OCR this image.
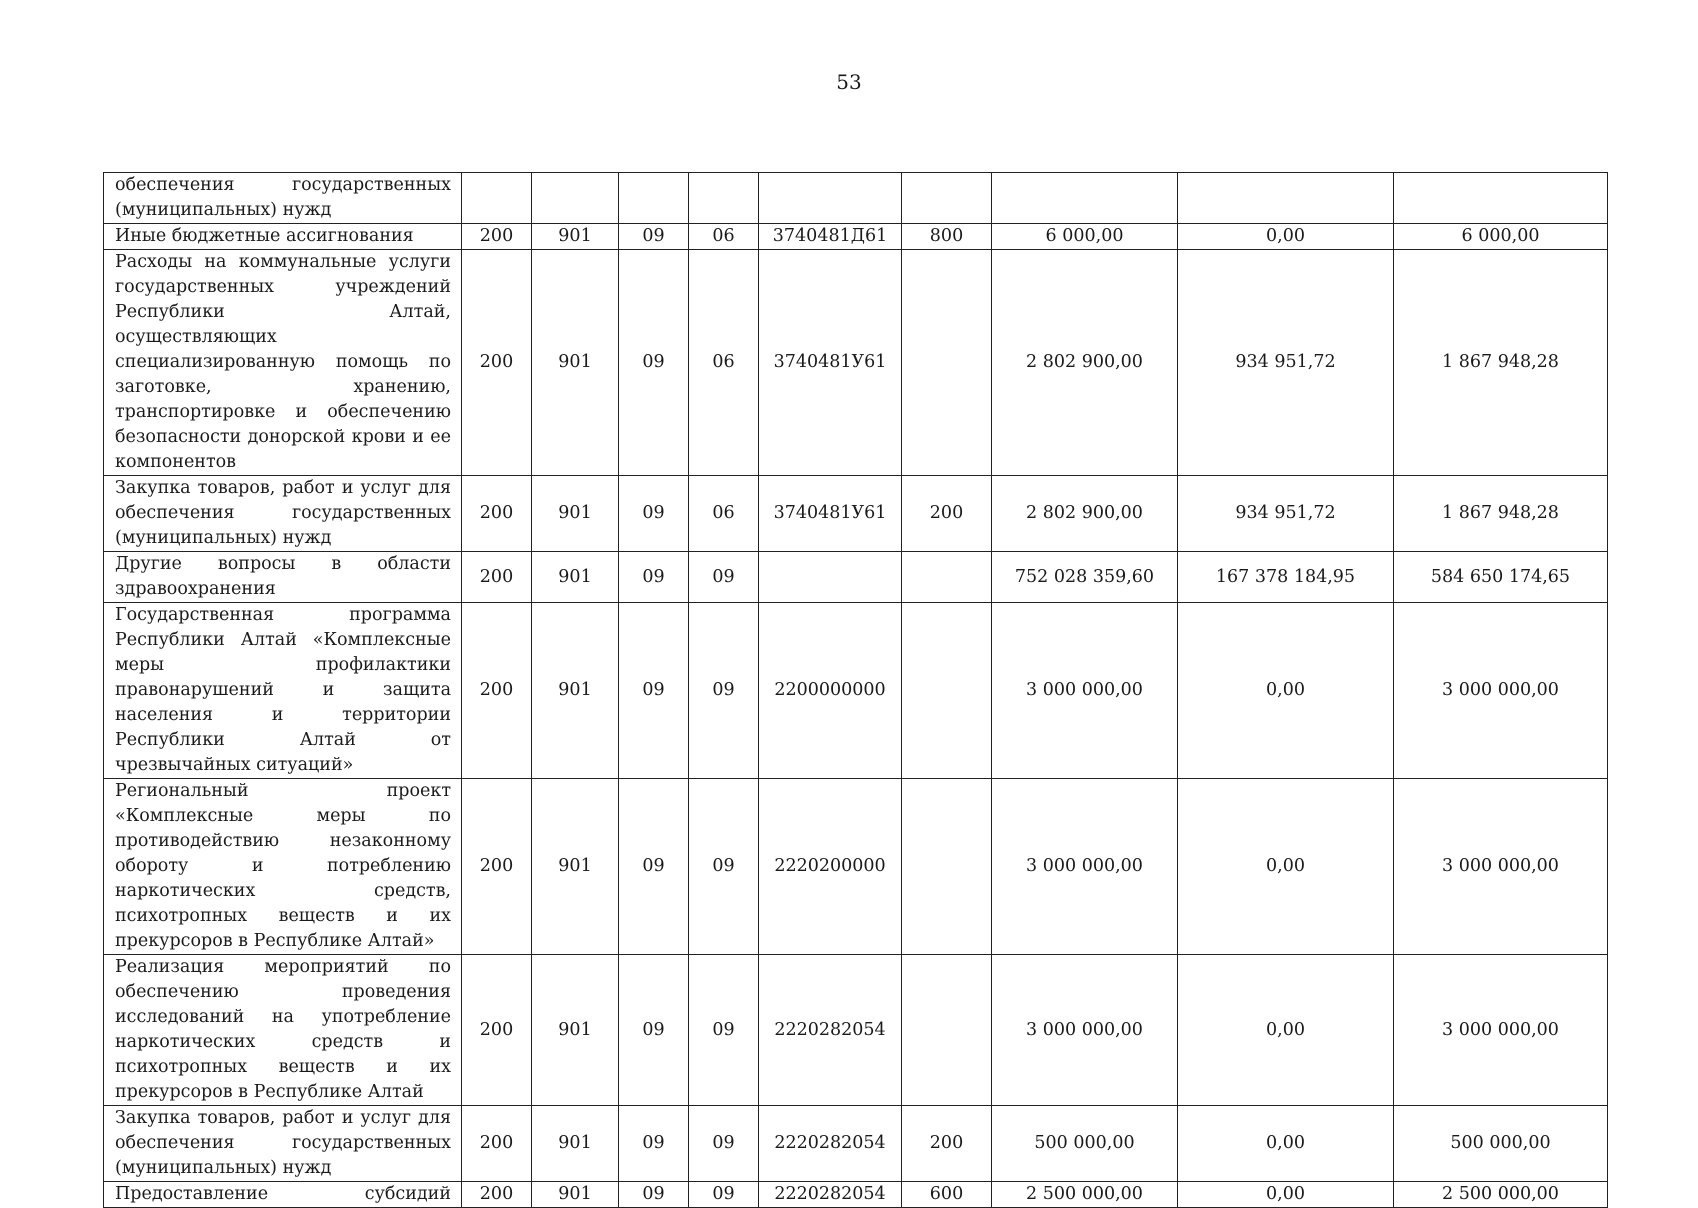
53
обеспечения государственных (муниципальных) нужд									
Иные бюджетные ассигнования	200	901	09	06	3740481Д61	800	6 000,00	0,00	6 000,00
Расходы на коммунальные услуги государственных учреждений Республики Алтай, осуществляющих специализированную помощь по заготовке, хранению, транспортировке и обеспечению безопасности донорской крови и ее компонентов	200	901	09	06	3740481У61		2 802 900,00	934 951,72	1 867 948,28
Закупка товаров, работ и услуг для обеспечения государственных (муниципальных) нужд	200	901	09	06	3740481У61	200	2 802 900,00	934 951,72	1 867 948,28
Другие вопросы в области здравоохранения	200	901	09	09			752 028 359,60	167 378 184,95	584 650 174,65
Государственная программа Республики Алтай «Комплексные меры профилактики правонарушений и защита населения и территории Республики Алтай от чрезвычайных ситуаций»	200	901	09	09	2200000000		3 000 000,00	0,00	3 000 000,00
Региональный проект «Комплексные меры по противодействию незаконному обороту и потреблению наркотических средств, психотропных веществ и их прекурсоров в Республике Алтай»	200	901	09	09	2220200000		3 000 000,00	0,00	3 000 000,00
Реализация мероприятий по обеспечению проведения исследований на употребление наркотических средств и психотропных веществ и их прекурсоров в Республике Алтай	200	901	09	09	2220282054		3 000 000,00	0,00	3 000 000,00
Закупка товаров, работ и услуг для обеспечения государственных (муниципальных) нужд	200	901	09	09	2220282054	200	500 000,00	0,00	500 000,00
Предоставление субсидий	200	901	09	09	2220282054	600	2 500 000,00	0,00	2 500 000,00
